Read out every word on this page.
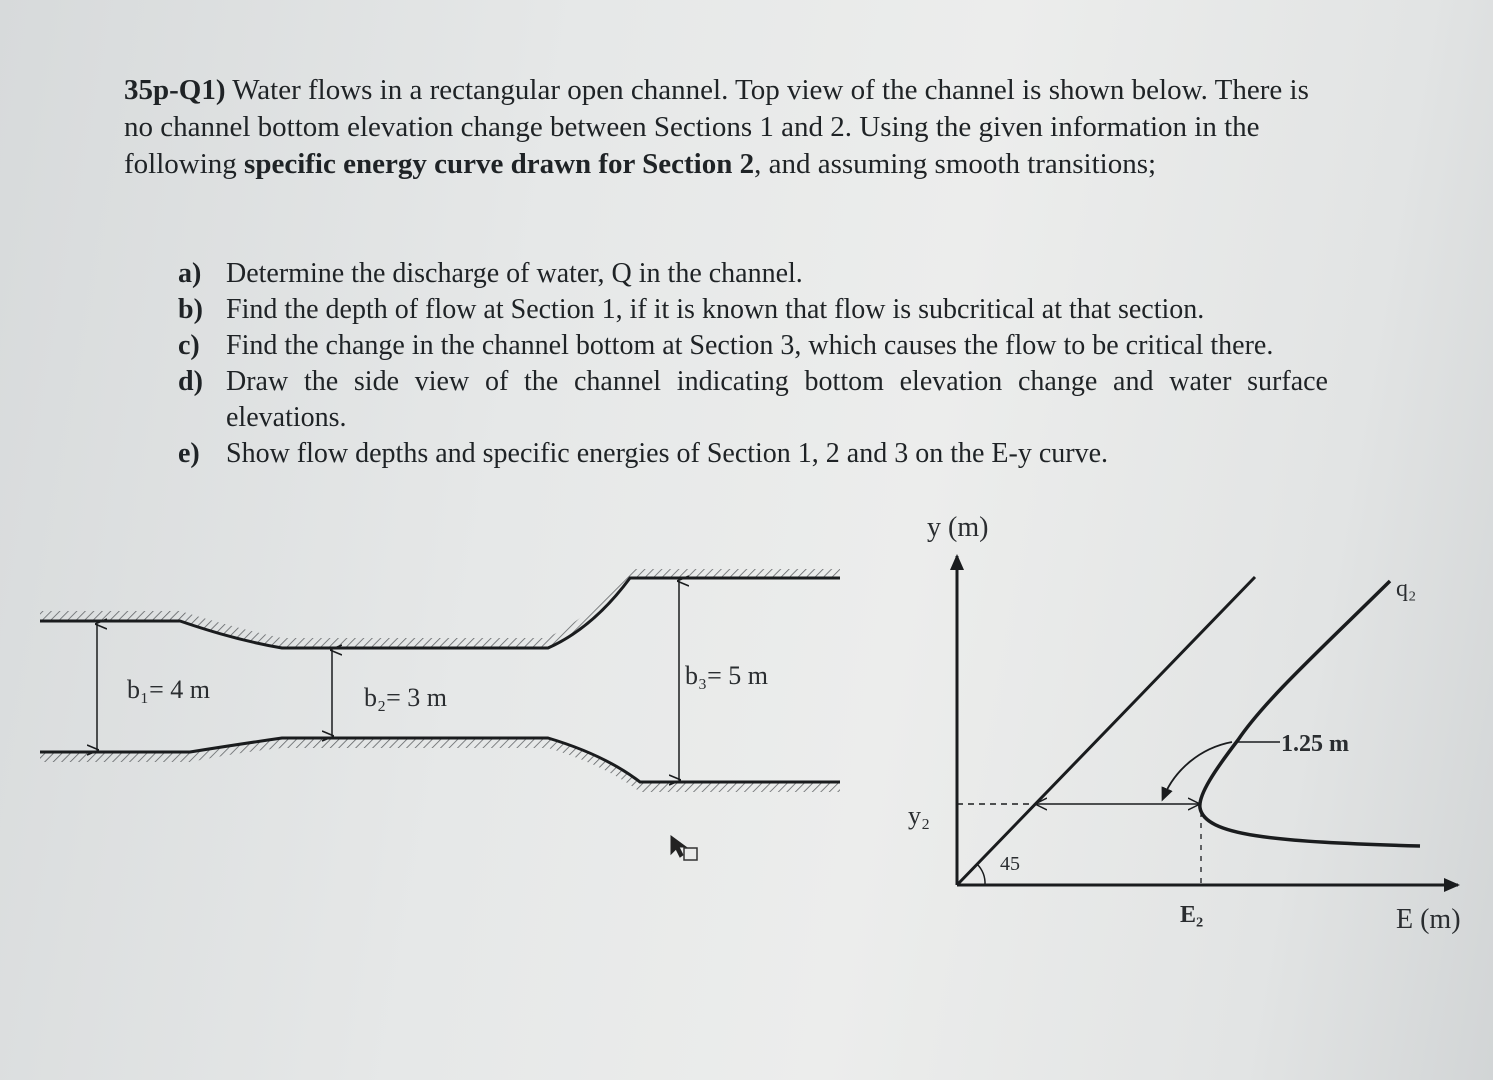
35p-Q1) Water flows in a rectangular open channel. Top view of the channel is shown below. There is no channel bottom elevation change between Sections 1 and 2. Using the given information in the following specific energy curve drawn for Section 2, and assuming smooth transitions;

a) Determine the discharge of water, Q in the channel.
b) Find the depth of flow at Section 1, if it is known that flow is subcritical at that section.
c) Find the change in the channel bottom at Section 3, which causes the flow to be critical there.
d) Draw the side view of the channel indicating bottom elevation change and water surface elevations.
e) Show flow depths and specific energies of Section 1, 2 and 3 on the E-y curve.
b₁= 4 m	b₂= 3 m
b₃= 5 m
y (m)
E (m)
45
q₂
y₂
E₂
1.25 m
